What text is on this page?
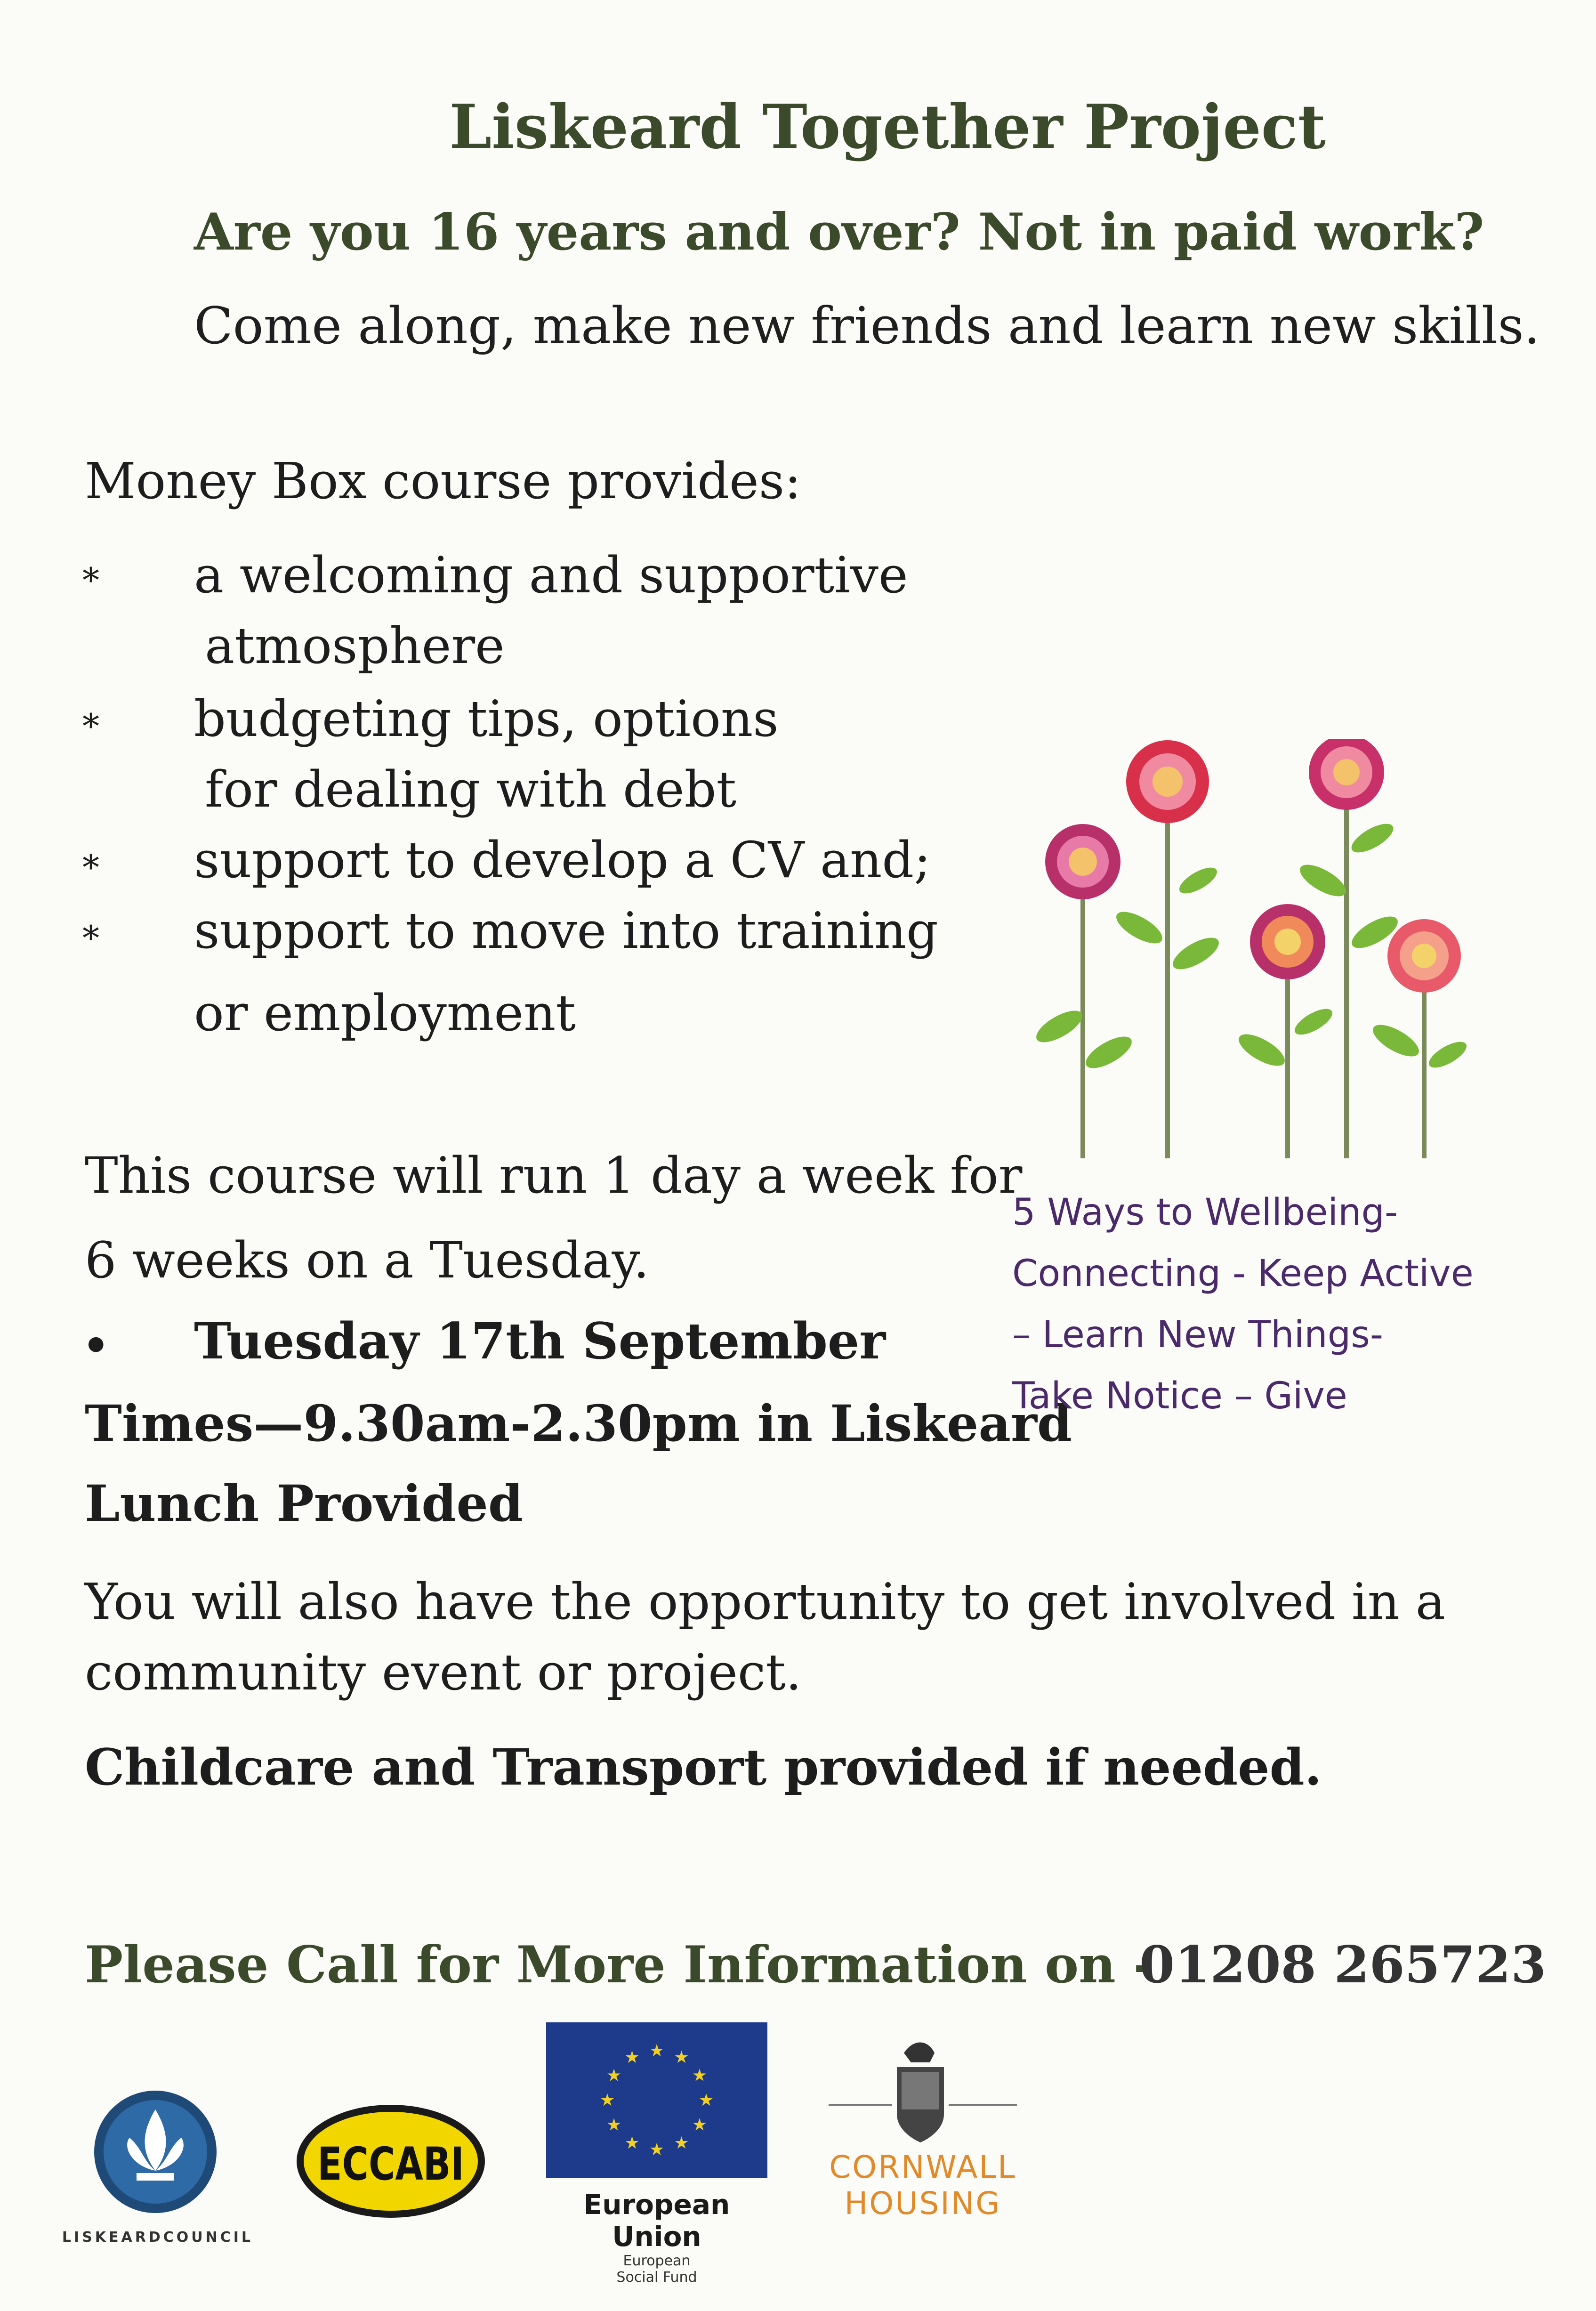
Liskeard Together Project
Are you 16 years and over? Not in paid work?
Come along, make new friends and learn new skills.
Money Box course provides:
* a welcoming and supportive
atmosphere
* budgeting tips, options
for dealing with debt
* support to develop a CV and;
* support to move into training
or employment
This course will run 1 day a week for
6 weeks on a Tuesday.
• Tuesday 17th September
Times—9.30am-2.30pm in Liskeard
Lunch Provided
5 Ways to Wellbeing-
Connecting - Keep Active
– Learn New Things-
Take Notice – Give
You will also have the opportunity to get involved in a
community event or project.
Childcare and Transport provided if needed.
Please Call for More Information on -
01208 265723
LISKEARDCOUNCIL
ECCABI
★ ★
★
★
★
★
★
★
★
★
★
★
European Union
European
Social Fund
CORNWALL
HOUSING
